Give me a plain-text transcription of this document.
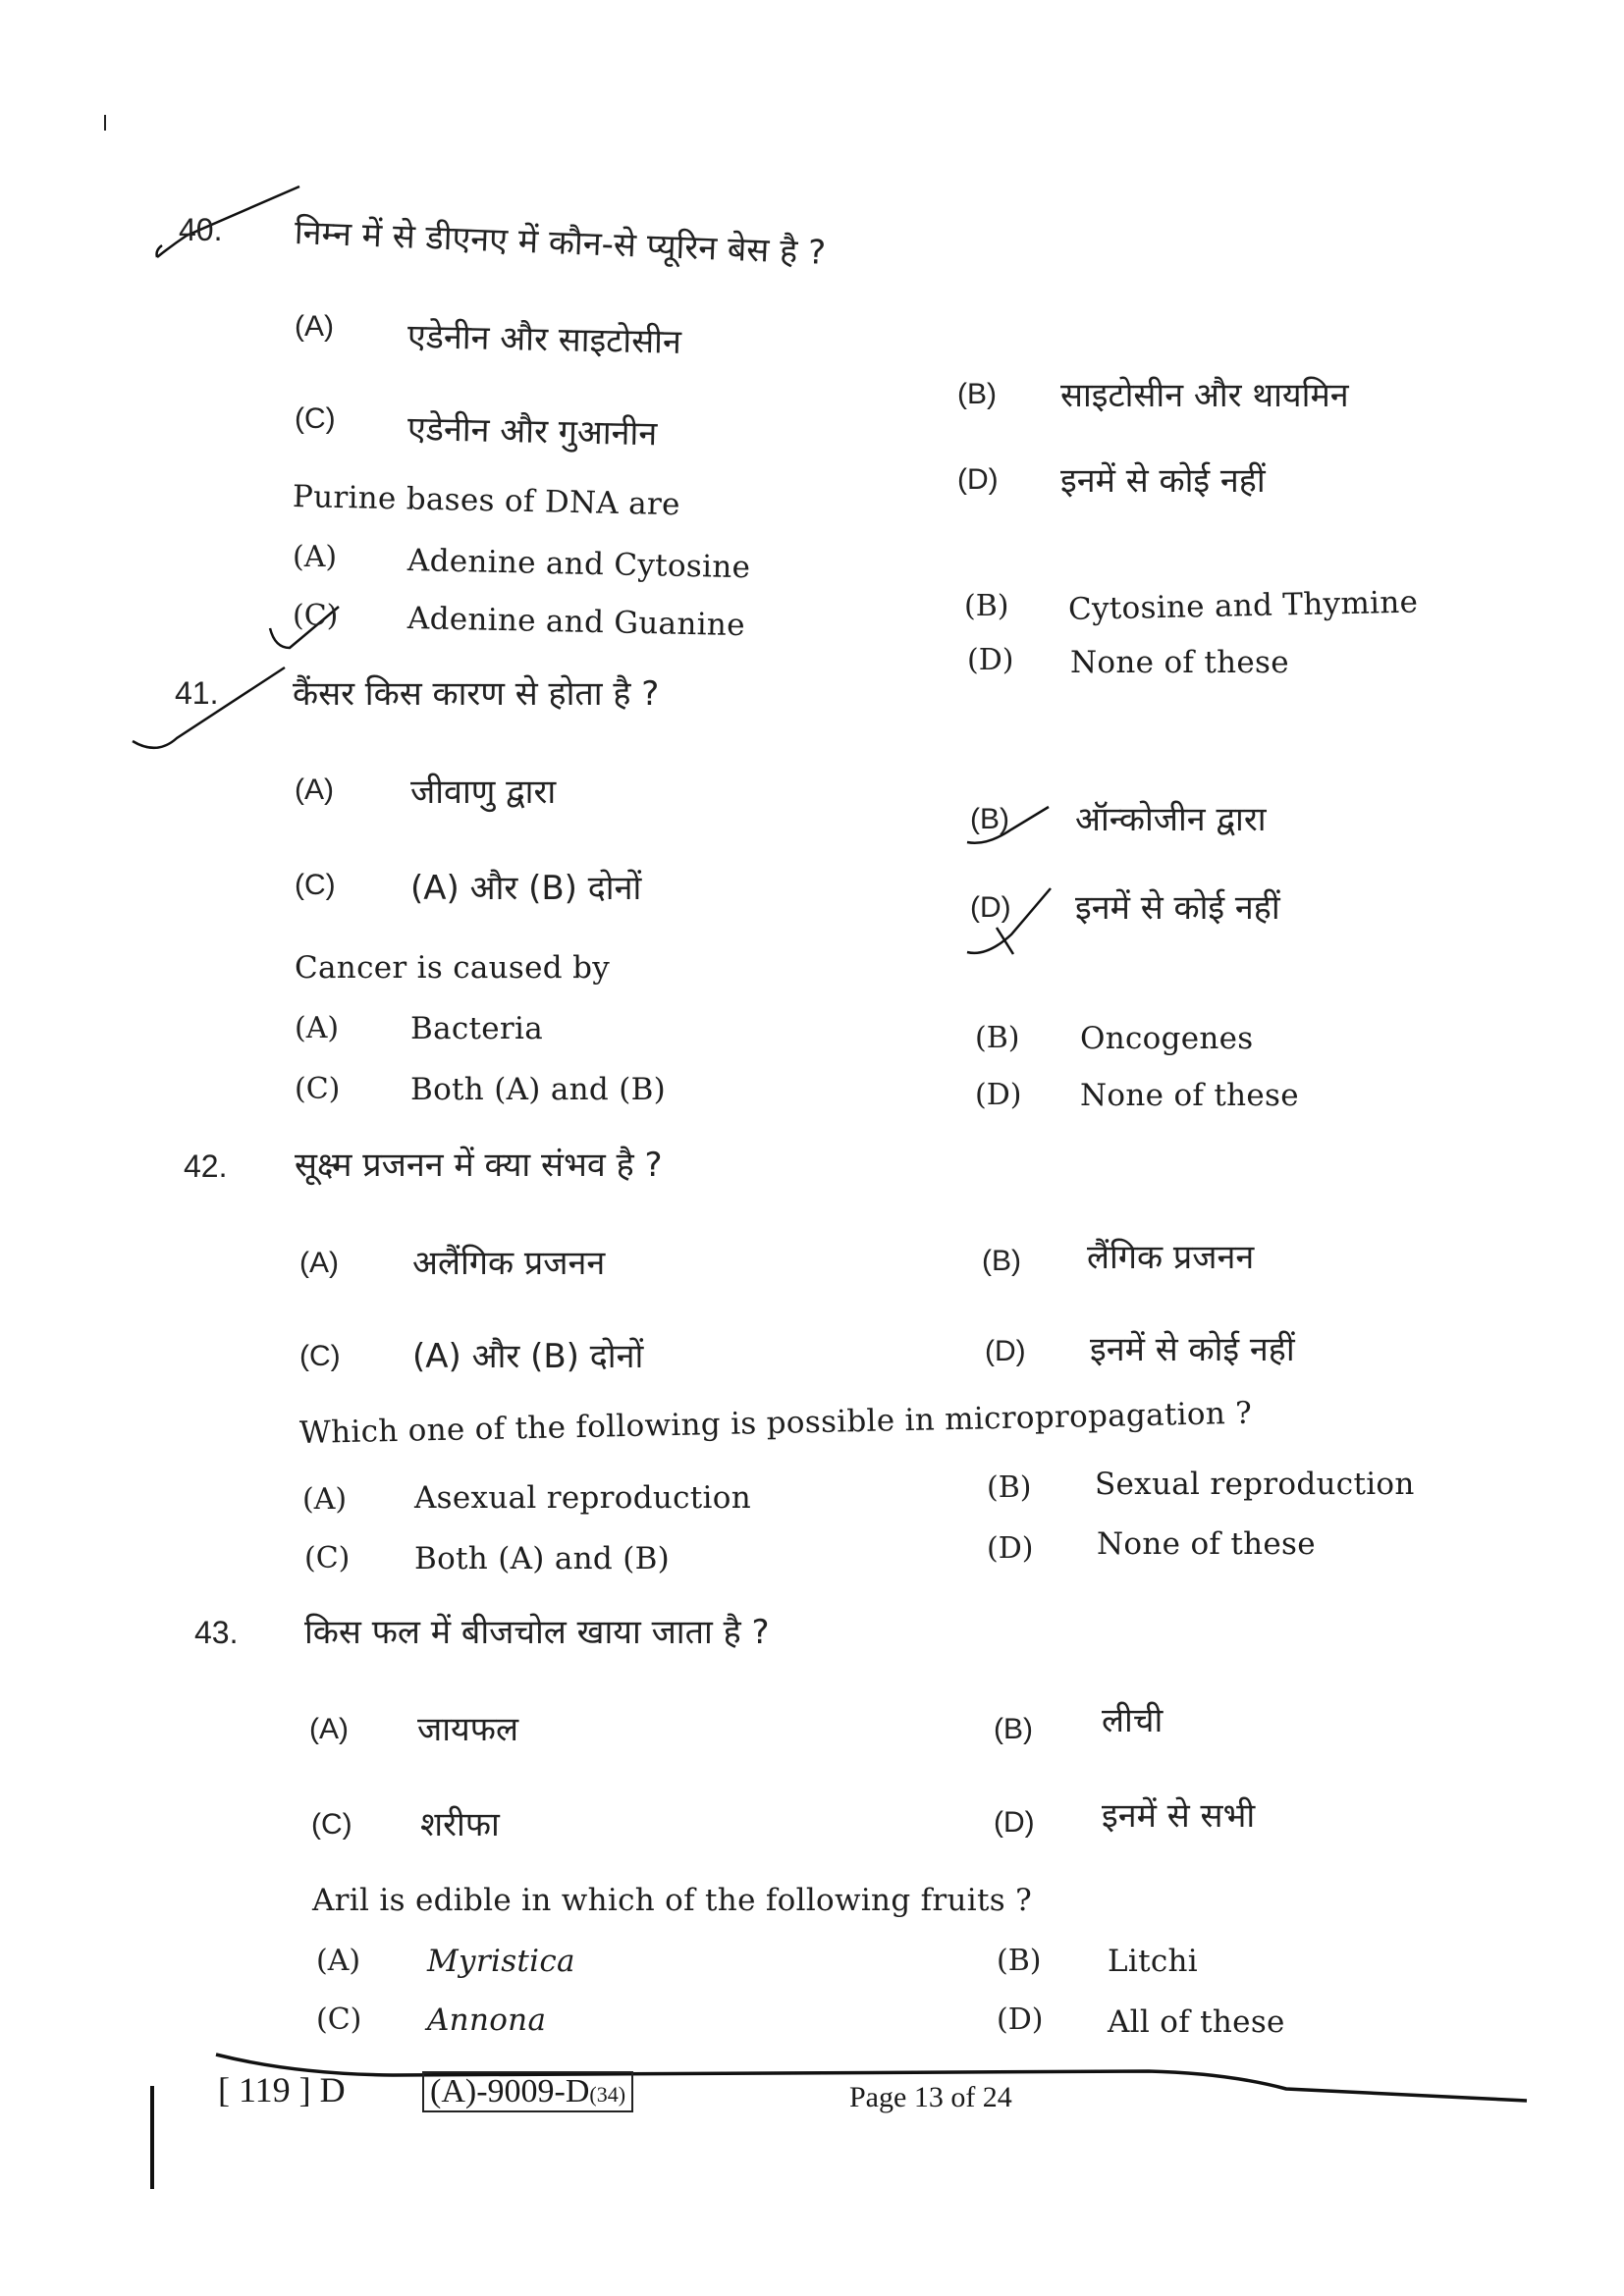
40. निम्न में से डीएनए में कौन-से प्यूरिन बेस है ?
(A) एडेनीन और साइटोसीन
(B) साइटोसीन और थायमिन
(C) एडेनीन और गुआनीन
(D) इनमें से कोई नहीं
Purine bases of DNA are
(A) Adenine and Cytosine
(B) Cytosine and Thymine
(C) Adenine and Guanine
(D) None of these
41. कैंसर किस कारण से होता है ?
(A) जीवाणु द्वारा
(B) ऑन्कोजीन द्वारा
(C) (A) और (B) दोनों	(D) इनमें से कोई नहीं
Cancer is caused by
(A) Bacteria	(B) Oncogenes
(C) Both (A) and (B)	(D) None of these
42. सूक्ष्म प्रजनन में क्या संभव है ?
(A) अलैंगिक प्रजनन	(B) लैंगिक प्रजनन
(C) (A) और (B) दोनों	(D) इनमें से कोई नहीं
Which one of the following is possible in micropropagation ?
(A) Asexual reproduction	(B) Sexual reproduction
(C) Both (A) and (B)	(D) None of these
43. किस फल में बीजचोल खाया जाता है ?
(A) जायफल	(B) लीची
(C) शरीफा	(D) इनमें से सभी
Aril is edible in which of the following fruits ?
(A) Myristica	(B) Litchi
(C) Annona	(D) All of these
[ 119 ] D	(A)-9009-D(34)	Page 13 of 24
